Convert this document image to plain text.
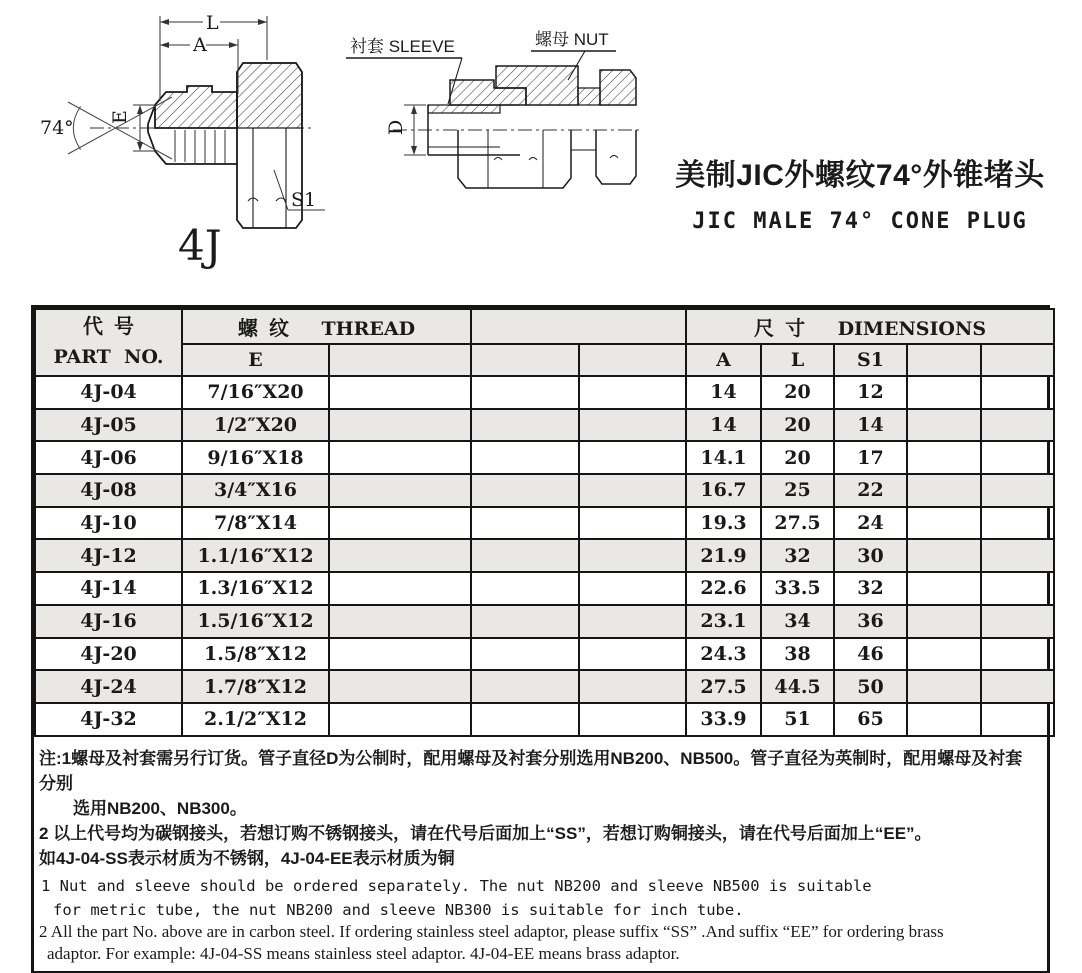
74° E
L
A
S1
4J
衬套 SLEEVE	螺母 NUT
D
美制JIC外螺纹74°外锥堵头
JIC MALE 74° CONE PLUG
代  号
PART  NO.	螺  纹 THREAD				尺  寸 DIMENSIONS				
	E				A	L	S1		
4J-04	7/16″X20				14	20	12		
4J-05	1/2″X20				14	20	14		
4J-06	9/16″X18				14.1	20	17		
4J-08	3/4″X16				16.7	25	22		
4J-10	7/8″X14				19.3	27.5	24		
4J-12	1.1/16″X12				21.9	32	30		
4J-14	1.3/16″X12				22.6	33.5	32		
4J-16	1.5/16″X12				23.1	34	36		
4J-20	1.5/8″X12				24.3	38	46		
4J-24	1.7/8″X12				27.5	44.5	50		
4J-32	2.1/2″X12				33.9	51	65		

注:1螺母及衬套需另行订货。管子直径D为公制时，配用螺母及衬套分别选用NB200、NB500。管子直径为英制时，配用螺母及衬套分别

选用NB200、NB300。

2 以上代号均为碳钢接头，若想订购不锈钢接头，请在代号后面加上“SS”，若想订购铜接头，请在代号后面加上“EE”。

如4J-04-SS表示材质为不锈钢，4J-04-EE表示材质为铜

1 Nut and sleeve should be ordered separately. The nut NB200 and sleeve NB500 is suitable

for metric tube, the nut NB200 and sleeve NB300 is suitable for inch tube.

2 All the part No. above are in carbon steel. If ordering stainless steel adaptor, please suffix “SS” .And suffix “EE” for ordering brass

adaptor. For example: 4J-04-SS means stainless steel adaptor. 4J-04-EE means brass adaptor.
